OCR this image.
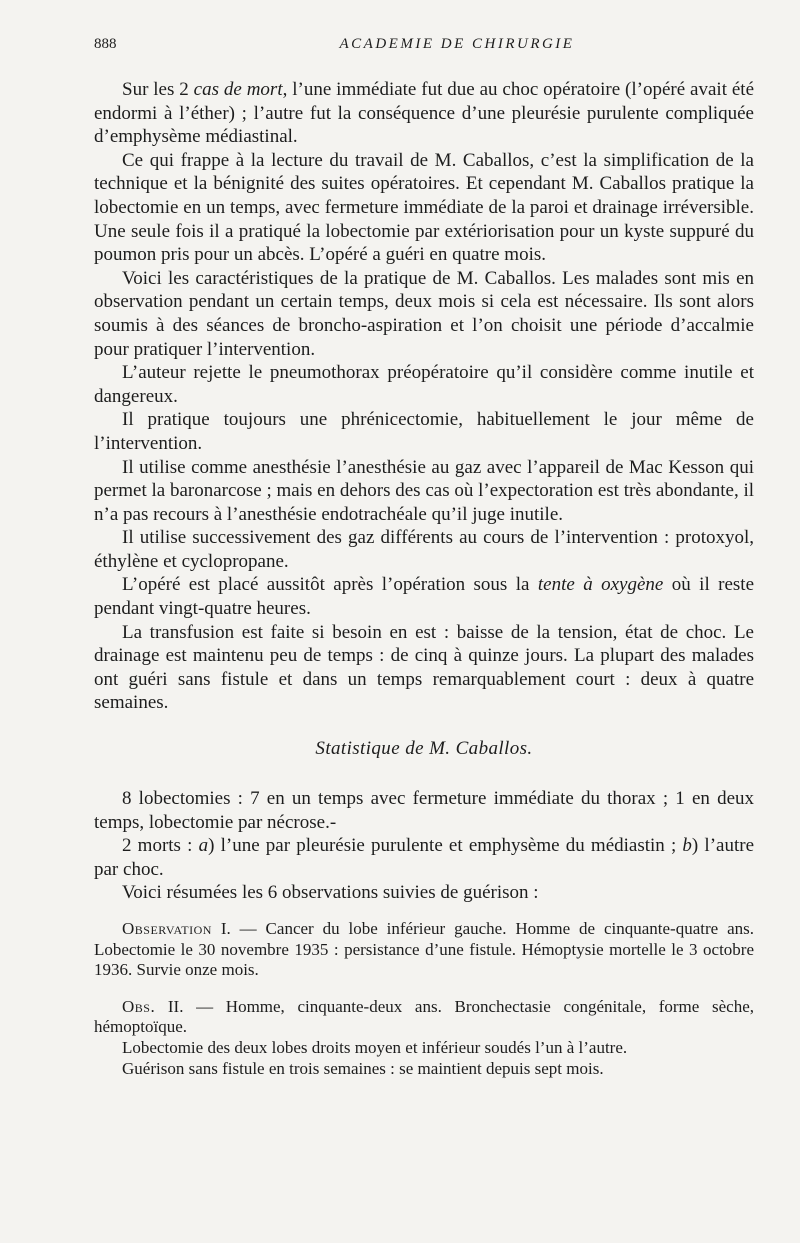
888	ACADEMIE DE CHIRURGIE

Sur les 2 cas de mort, l’une immédiate fut due au choc opératoire (l’opéré avait été endormi à l’éther) ; l’autre fut la conséquence d’une pleurésie purulente compliquée d’emphysème médiastinal.

Ce qui frappe à la lecture du travail de M. Caballos, c’est la simplification de la technique et la bénignité des suites opératoires. Et cependant M. Caballos pratique la lobectomie en un temps, avec fermeture immédiate de la paroi et drainage irréversible. Une seule fois il a pratiqué la lobectomie par extériorisation pour un kyste suppuré du poumon pris pour un abcès. L’opéré a guéri en quatre mois.

Voici les caractéristiques de la pratique de M. Caballos. Les malades sont mis en observation pendant un certain temps, deux mois si cela est nécessaire. Ils sont alors soumis à des séances de broncho-aspiration et l’on choisit une période d’accalmie pour pratiquer l’intervention.

L’auteur rejette le pneumothorax préopératoire qu’il considère comme inutile et dangereux.

Il pratique toujours une phrénicectomie, habituellement le jour même de l’intervention.

Il utilise comme anesthésie l’anesthésie au gaz avec l’appareil de Mac Kesson qui permet la baronarcose ; mais en dehors des cas où l’expectoration est très abondante, il n’a pas recours à l’anesthésie endotrachéale qu’il juge inutile.

Il utilise successivement des gaz différents au cours de l’intervention : protoxyol, éthylène et cyclopropane.

L’opéré est placé aussitôt après l’opération sous la tente à oxygène où il reste pendant vingt-quatre heures.

La transfusion est faite si besoin en est : baisse de la tension, état de choc. Le drainage est maintenu peu de temps : de cinq à quinze jours. La plupart des malades ont guéri sans fistule et dans un temps remarquablement court : deux à quatre semaines.

Statistique de M. Caballos.

8 lobectomies : 7 en un temps avec fermeture immédiate du thorax ; 1 en deux temps, lobectomie par nécrose.-

2 morts : a) l’une par pleurésie purulente et emphysème du médiastin ; b) l’autre par choc.

Voici résumées les 6 observations suivies de guérison :

Observation I. — Cancer du lobe inférieur gauche. Homme de cinquante-quatre ans. Lobectomie le 30 novembre 1935 : persistance d’une fistule. Hémoptysie mortelle le 3 octobre 1936. Survie onze mois.

Obs. II. — Homme, cinquante-deux ans. Bronchectasie congénitale, forme sèche, hémoptoïque.

Lobectomie des deux lobes droits moyen et inférieur soudés l’un à l’autre.

Guérison sans fistule en trois semaines : se maintient depuis sept mois.
